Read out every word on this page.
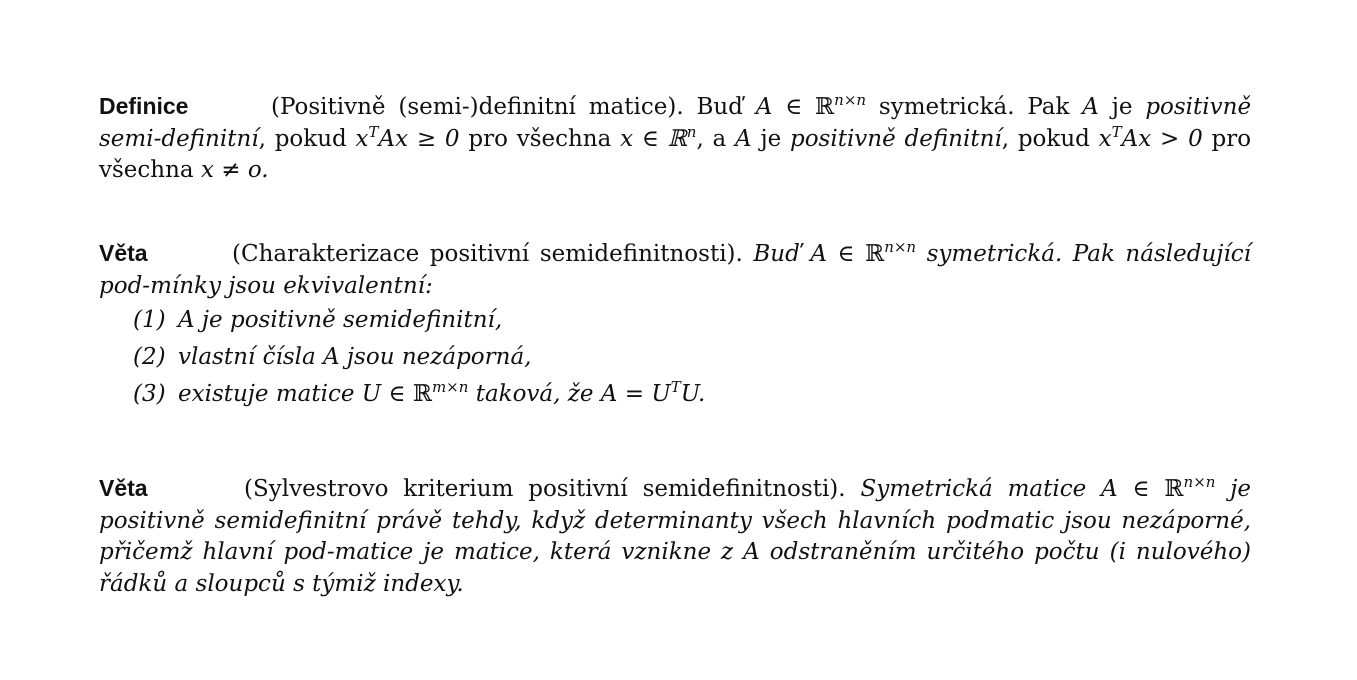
Definice	(Positivně (semi-)definitní matice). Buď A ∈ ℝ$^{n\times n}$ symetrická. Pak A je positivně semi-definitní, pokud $x^TAx \ge 0$ pro všechna x ∈ ℝ$^n$, a A je positivně definitní, pokud $x^TAx > 0$ pro všechna x ≠ o.
Věta	(Charakterizace positivní semidefinitnosti). Buď A ∈ ℝ$^{n\times n}$ symetrická. Pak následující pod-mínky jsou ekvivalentní:
(1) A je positivně semidefinitní,
(2) vlastní čísla A jsou nezáporná,
(3) existuje matice U ∈ ℝ$^{m\times n}$ taková, že $A = U^TU$.
Věta	(Sylvestrovo kriterium positivní semidefinitnosti). Symetrická matice A ∈ ℝ$^{n\times n}$ je positivně semidefinitní právě tehdy, když determinanty všech hlavních podmatic jsou nezáporné, přičemž hlavní pod-matice je matice, která vznikne z A odstraněním určitého počtu (i nulového) řádků a sloupců s týmiž indexy.
